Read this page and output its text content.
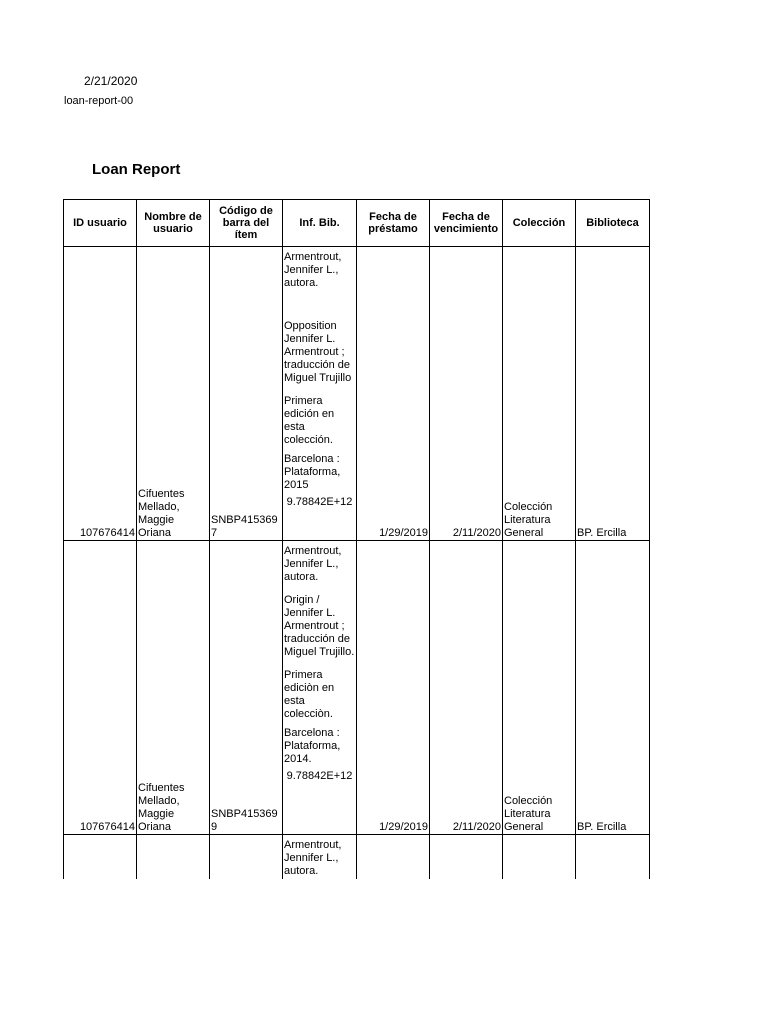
2/21/2020
loan-report-00
Loan Report
ID usuario	Nombre de usuario	Código de barra del ítem	Inf. Bib.	Fecha de préstamo	Fecha de vencimiento	Colección	Biblioteca
107676414	Cifuentes Mellado, Maggie Oriana	SNBP4153697	Armentrout, Jennifer L., autora.

Opposition Jennifer L. Armentrout ; traducción de Miguel Trujillo

Primera edición en esta colección.

Barcelona : Plataforma, 2015

9.78842E+12	1/29/2019	2/11/2020	Colección Literatura General	BP. Ercilla
107676414	Cifuentes Mellado, Maggie Oriana	SNBP4153699	Armentrout, Jennifer L., autora.

Origin / Jennifer L. Armentrout ; traducción de Miguel Trujillo.

Primera ediciòn en esta colecciòn.

Barcelona : Plataforma, 2014.

9.78842E+12	1/29/2019	2/11/2020	Colección Literatura General	BP. Ercilla

			Armentrout, Jennifer L., autora.				
